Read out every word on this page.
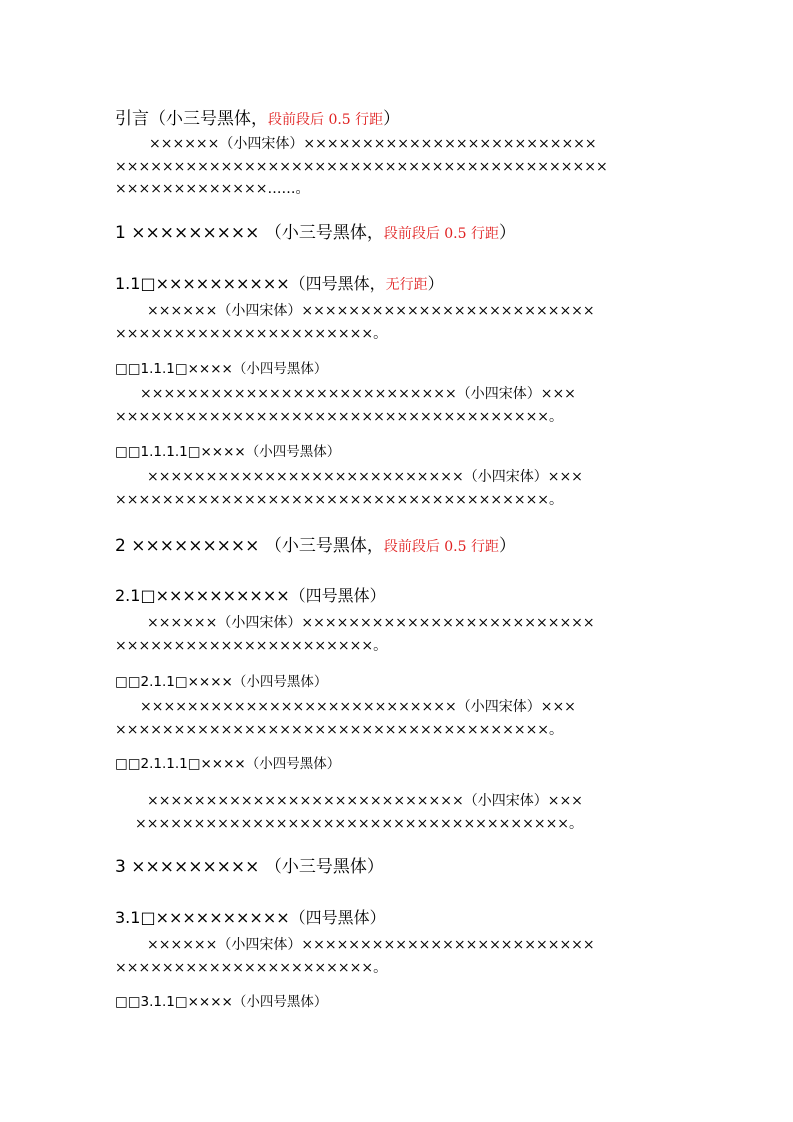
引言（小三号黑体，段前段后 0.5 行距）
××××××（小四宋体）×××××××××××××××××××××××××
××××××××××××××××××××××××××××××××××××××××××
×××××××××××××……。
1 ××××××××× （小三号黑体，段前段后 0.5 行距）
1.1□××××××××××（四号黑体，无行距）
××××××（小四宋体）×××××××××××××××××××××××××
××××××××××××××××××××××。
□□1.1.1□××××（小四号黑体）
×××××××××××××××××××××××××××（小四宋体）×××
×××××××××××××××××××××××××××××××××××××。
□□1.1.1.1□××××（小四号黑体）
×××××××××××××××××××××××××××（小四宋体）×××
×××××××××××××××××××××××××××××××××××××。
2 ××××××××× （小三号黑体，段前段后 0.5 行距）
2.1□××××××××××（四号黑体）
××××××（小四宋体）×××××××××××××××××××××××××
××××××××××××××××××××××。
□□2.1.1□××××（小四号黑体）
×××××××××××××××××××××××××××（小四宋体）×××
×××××××××××××××××××××××××××××××××××××。
□□2.1.1.1□××××（小四号黑体）
×××××××××××××××××××××××××××（小四宋体）×××
×××××××××××××××××××××××××××××××××××××。
3 ××××××××× （小三号黑体）
3.1□××××××××××（四号黑体）
××××××（小四宋体）×××××××××××××××××××××××××
××××××××××××××××××××××。
□□3.1.1□××××（小四号黑体）
